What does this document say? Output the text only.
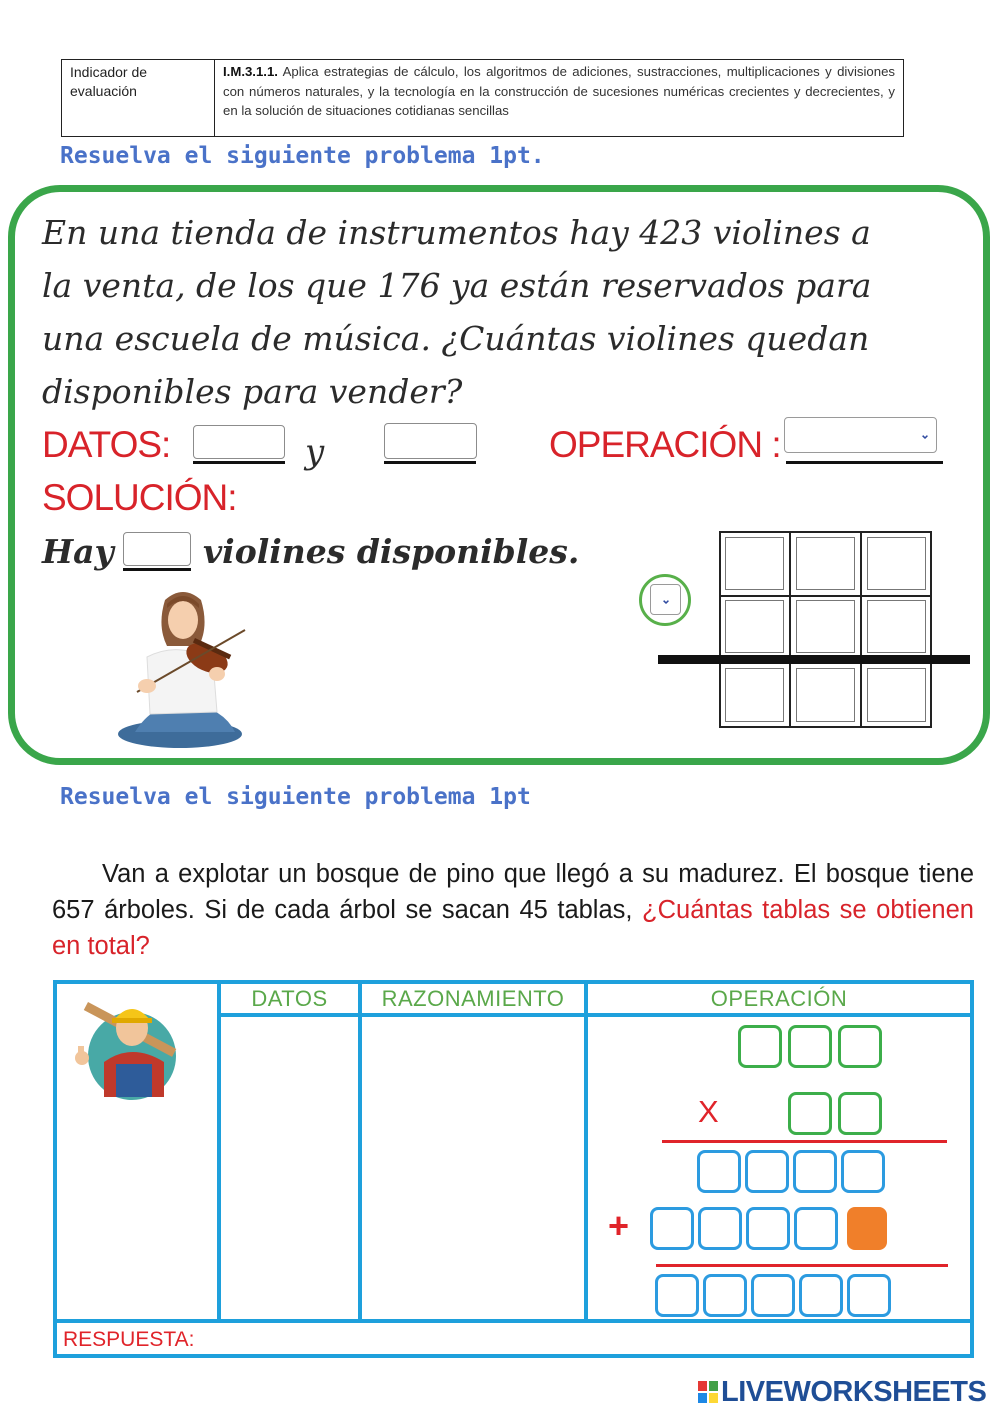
Indicador de evaluación
I.M.3.1.1. Aplica estrategias de cálculo, los algoritmos de adiciones, sustracciones, multiplicaciones y divisiones con números naturales, y la tecnología en la construcción de sucesiones numéricas crecientes y decrecientes, y en la solución de situaciones cotidianas sencillas
Resuelva el siguiente problema 1pt.
En una tienda de instrumentos hay 423 violines a
la venta, de los que 176 ya están reservados para
una escuela de música. ¿Cuántas violines quedan
disponibles para vender?
DATOS:	y	OPERACIÓN :	⌄
SOLUCIÓN:
Hay	violines disponibles.
⌄
Resuelva el siguiente problema 1pt
Van a explotar un bosque de pino que llegó a su madurez. El bosque tiene 657 árboles. Si de cada árbol se sacan 45 tablas, ¿Cuántas tablas se obtienen en total?
DATOS	RAZONAMIENTO	OPERACIÓN
X
+
RESPUESTA:
LIVEWORKSHEETS
